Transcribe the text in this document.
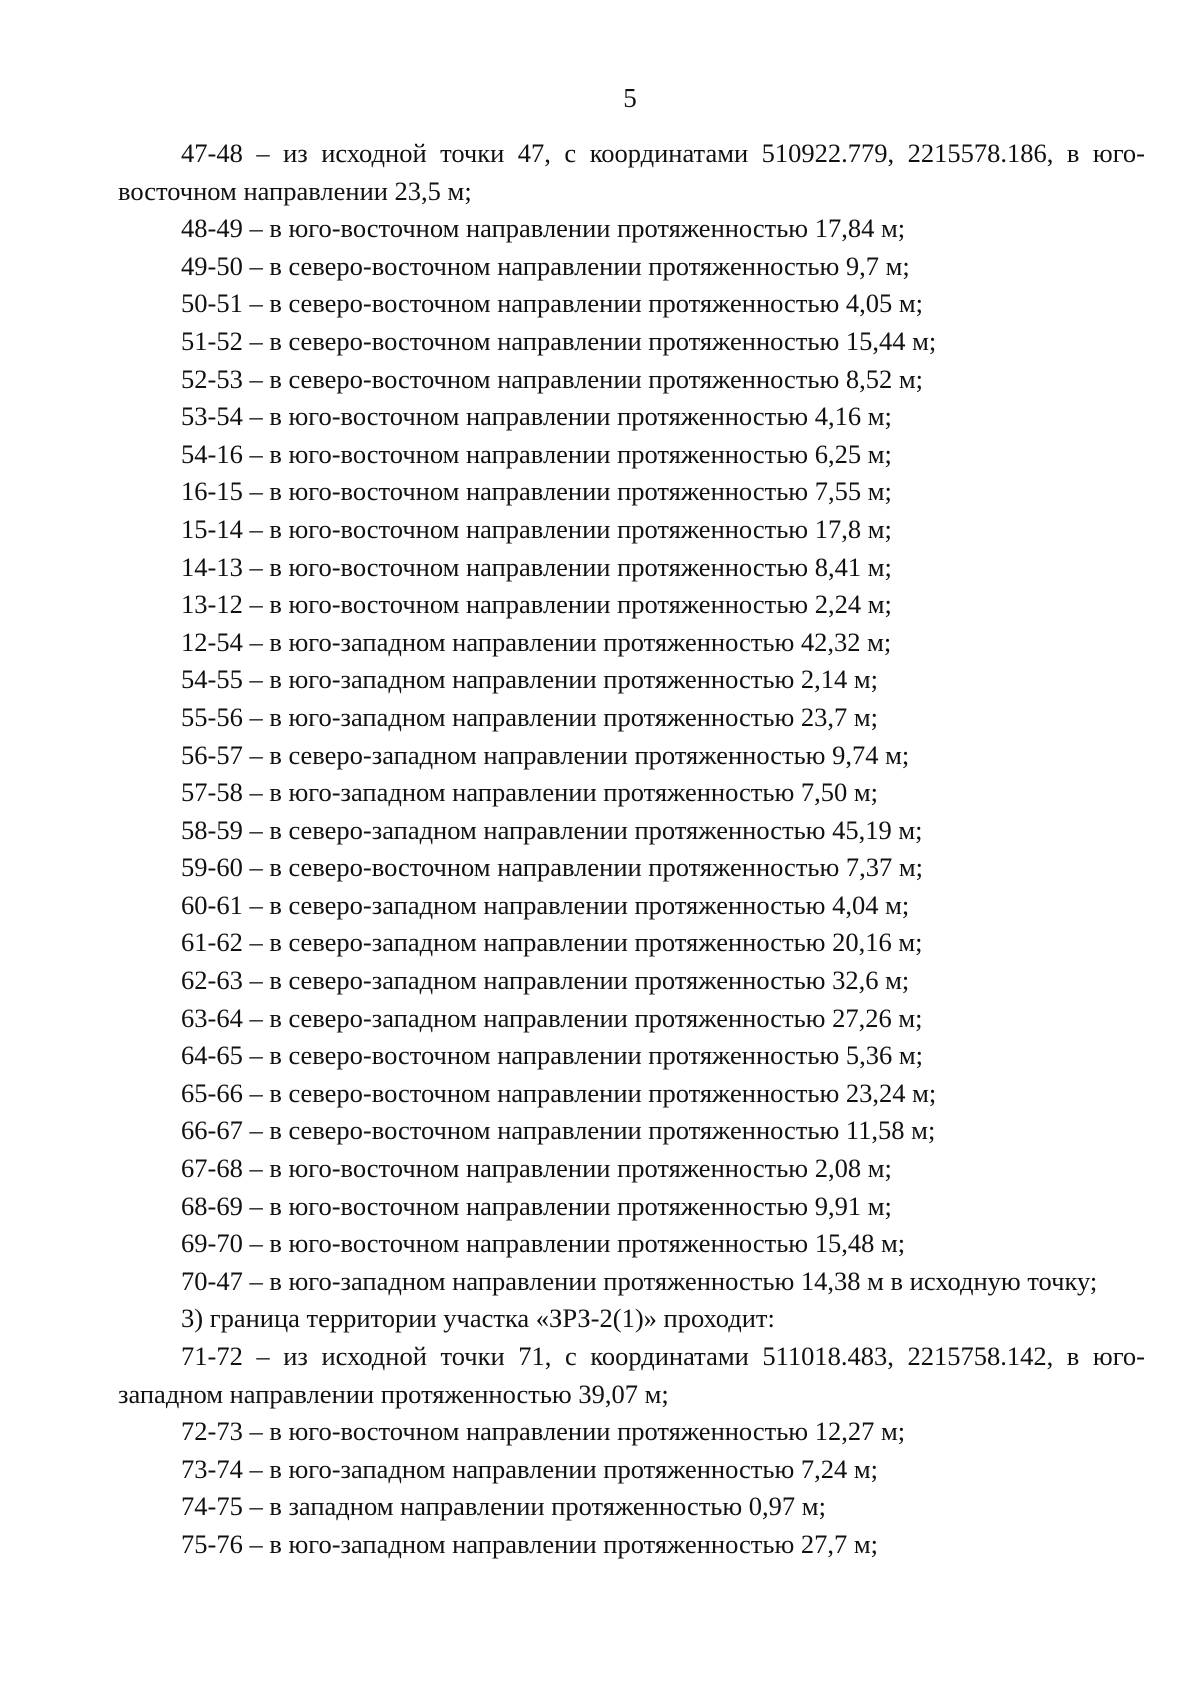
5

47-48 – из исходной точки 47, с координатами 510922.779, 2215578.186, в юго-восточном направлении 23,5 м;

48-49 – в юго-восточном направлении протяженностью 17,84 м;

49-50 – в северо-восточном направлении протяженностью 9,7 м;

50-51 – в северо-восточном направлении протяженностью 4,05 м;

51-52 – в северо-восточном направлении протяженностью 15,44 м;

52-53 – в северо-восточном направлении протяженностью 8,52 м;

53-54 – в юго-восточном направлении протяженностью 4,16 м;

54-16 – в юго-восточном направлении протяженностью 6,25 м;

16-15 – в юго-восточном направлении протяженностью 7,55 м;

15-14 – в юго-восточном направлении протяженностью 17,8 м;

14-13 – в юго-восточном направлении протяженностью 8,41 м;

13-12 – в юго-восточном направлении протяженностью 2,24 м;

12-54 – в юго-западном направлении протяженностью 42,32 м;

54-55 – в юго-западном направлении протяженностью 2,14 м;

55-56 – в юго-западном направлении протяженностью 23,7 м;

56-57 – в северо-западном направлении протяженностью 9,74 м;

57-58 – в юго-западном направлении протяженностью 7,50 м;

58-59 – в северо-западном направлении протяженностью 45,19 м;

59-60 – в северо-восточном направлении протяженностью 7,37 м;

60-61 – в северо-западном направлении протяженностью 4,04 м;

61-62 – в северо-западном направлении протяженностью 20,16 м;

62-63 – в северо-западном направлении протяженностью 32,6 м;

63-64 – в северо-западном направлении протяженностью 27,26 м;

64-65 – в северо-восточном направлении протяженностью 5,36 м;

65-66 – в северо-восточном направлении протяженностью 23,24 м;

66-67 – в северо-восточном направлении протяженностью 11,58 м;

67-68 – в юго-восточном направлении протяженностью 2,08 м;

68-69 – в юго-восточном направлении протяженностью 9,91 м;

69-70 – в юго-восточном направлении протяженностью 15,48 м;

70-47 – в юго-западном направлении протяженностью 14,38 м в исходную точку;

3) граница территории участка «ЗРЗ-2(1)» проходит:

71-72 – из исходной точки 71, с координатами 511018.483, 2215758.142, в юго-западном направлении протяженностью 39,07 м;

72-73 – в юго-восточном направлении протяженностью 12,27 м;

73-74 – в юго-западном направлении протяженностью 7,24 м;

74-75 – в западном направлении протяженностью 0,97 м;

75-76 – в юго-западном направлении протяженностью 27,7 м;
